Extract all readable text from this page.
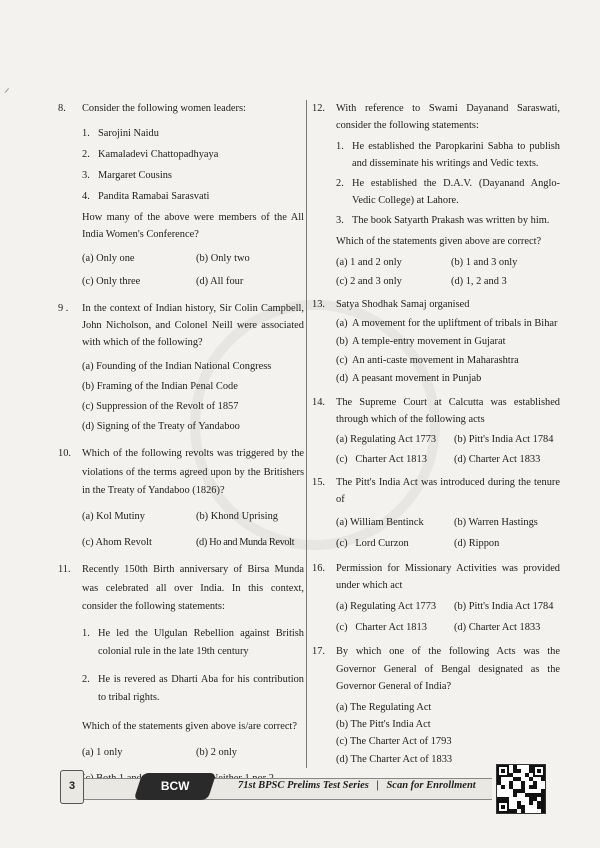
ᐟ
8. Consider the following women leaders:
1. Sarojini Naidu
2. Kamaladevi Chattopadhyaya
3. Margaret Cousins
4. Pandita Ramabai Sarasvati
How many of the above were members of the All India Women's Conference?
(a) Only one	(b) Only two
(c) Only three	(d) All four
9 . In the context of Indian history, Sir Colin Campbell, John Nicholson, and Colonel Neill were associated with which of the following?
(a) Founding of the Indian National Congress
(b) Framing of the Indian Penal Code
(c) Suppression of the Revolt of 1857
(d) Signing of the Treaty of Yandaboo
10. Which of the following revolts was triggered by the violations of the terms agreed upon by the Britishers in the Treaty of Yandaboo (1826)?
(a) Kol Mutiny	(b) Khond Uprising
(c) Ahom Revolt	(d) Ho and Munda Revolt
11. Recently 150th Birth anniversary of Birsa Munda was celebrated all over India. In this context, consider the following statements:
1. He led the Ulgulan Rebellion against British colonial rule in the late 19th century
2. He is revered as Dharti Aba for his contribution to tribal rights.
Which of the statements given above is/are correct?
(a) 1 only	(b) 2 only
12. With reference to Swami Dayanand Saraswati, consider the following statements:
1. He established the Paropkarini Sabha to publish and disseminate his writings and Vedic texts.
2. He established the D.A.V. (Dayanand Anglo-Vedic College) at Lahore.
3. The book Satyarth Prakash was written by him.
Which of the statements given above are correct?
(a) 1 and 2 only	(b) 1 and 3 only
(c) 2 and 3 only	(d) 1, 2 and 3
13. Satya Shodhak Samaj organised
(a) A movement for the upliftment of tribals in Bihar
(b) A temple-entry movement in Gujarat
(c) An anti-caste movement in Maharashtra
(d) A peasant movement in Punjab
14. The Supreme Court at Calcutta was established through which of the following acts
(a) Regulating Act 1773	(b) Pitt's India Act 1784
(c)   Charter Act 1813	(d) Charter Act 1833
15. The Pitt's India Act was introduced during the tenure of
(a) William Bentinck	(b) Warren Hastings
(c)   Lord Curzon	(d) Rippon
16. Permission for Missionary Activities was provided under which act
(a) Regulating Act 1773	(b) Pitt's India Act 1784
(c)   Charter Act 1813	(d) Charter Act 1833
17. By which one of the following Acts was the Governor General of Bengal designated as the Governor General of India?
(a) The Regulating Act
(b) The Pitt's India Act
(c) The Charter Act of 1793
(d) The Charter Act of 1833
3	BCW	71st BPSC Prelims Test Series | Scan for Enrollment
